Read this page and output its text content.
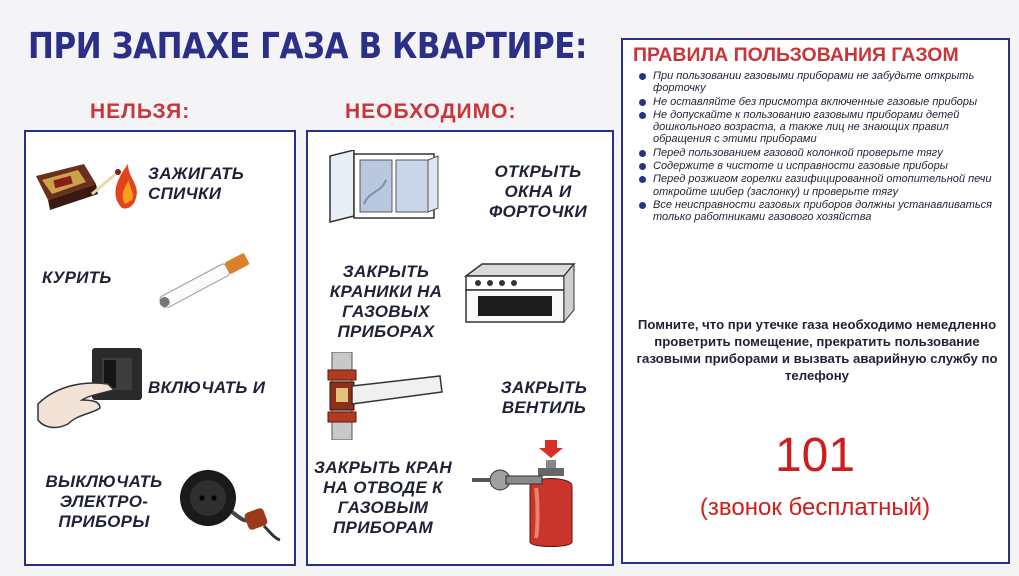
ПРИ ЗАПАХЕ ГАЗА В КВАРТИРЕ:
НЕЛЬЗЯ:	НЕОБХОДИМО:
ЗАЖИГАТЬ СПИЧКИ
КУРИТЬ
ВКЛЮЧАТЬ И
ВЫКЛЮЧАТЬ ЭЛЕКТРО- ПРИБОРЫ
ОТКРЫТЬ ОКНА И ФОРТОЧКИ
ЗАКРЫТЬ КРАНИКИ НА ГАЗОВЫХ ПРИБОРАХ
ЗАКРЫТЬ ВЕНТИЛЬ
ЗАКРЫТЬ КРАН НА ОТВОДЕ К ГАЗОВЫМ ПРИБОРАМ
ПРАВИЛА ПОЛЬЗОВАНИЯ ГАЗОМ
При пользовании газовыми приборами не забудьте открыть форточку
Не оставляйте без присмотра включенные газовые приборы
Не допускайте к пользованию газовыми приборами детей дошкольного возраста, а также лиц не знающих правил обращения с этими приборами
Перед пользованием газовой колонкой проверьте тягу
Содержите в чистоте и исправности газовые приборы
Перед розжигом горелки газифицированной отопительной печи откройте шибер (заслонку) и проверьте тягу
Все неисправности газовых приборов должны устанавливаться только работниками газового хозяйства
Помните, что при утечке газа необходимо немедленно проветрить помещение, прекратить пользование газовыми приборами и вызвать аварийную службу по телефону
101
(звонок бесплатный)
